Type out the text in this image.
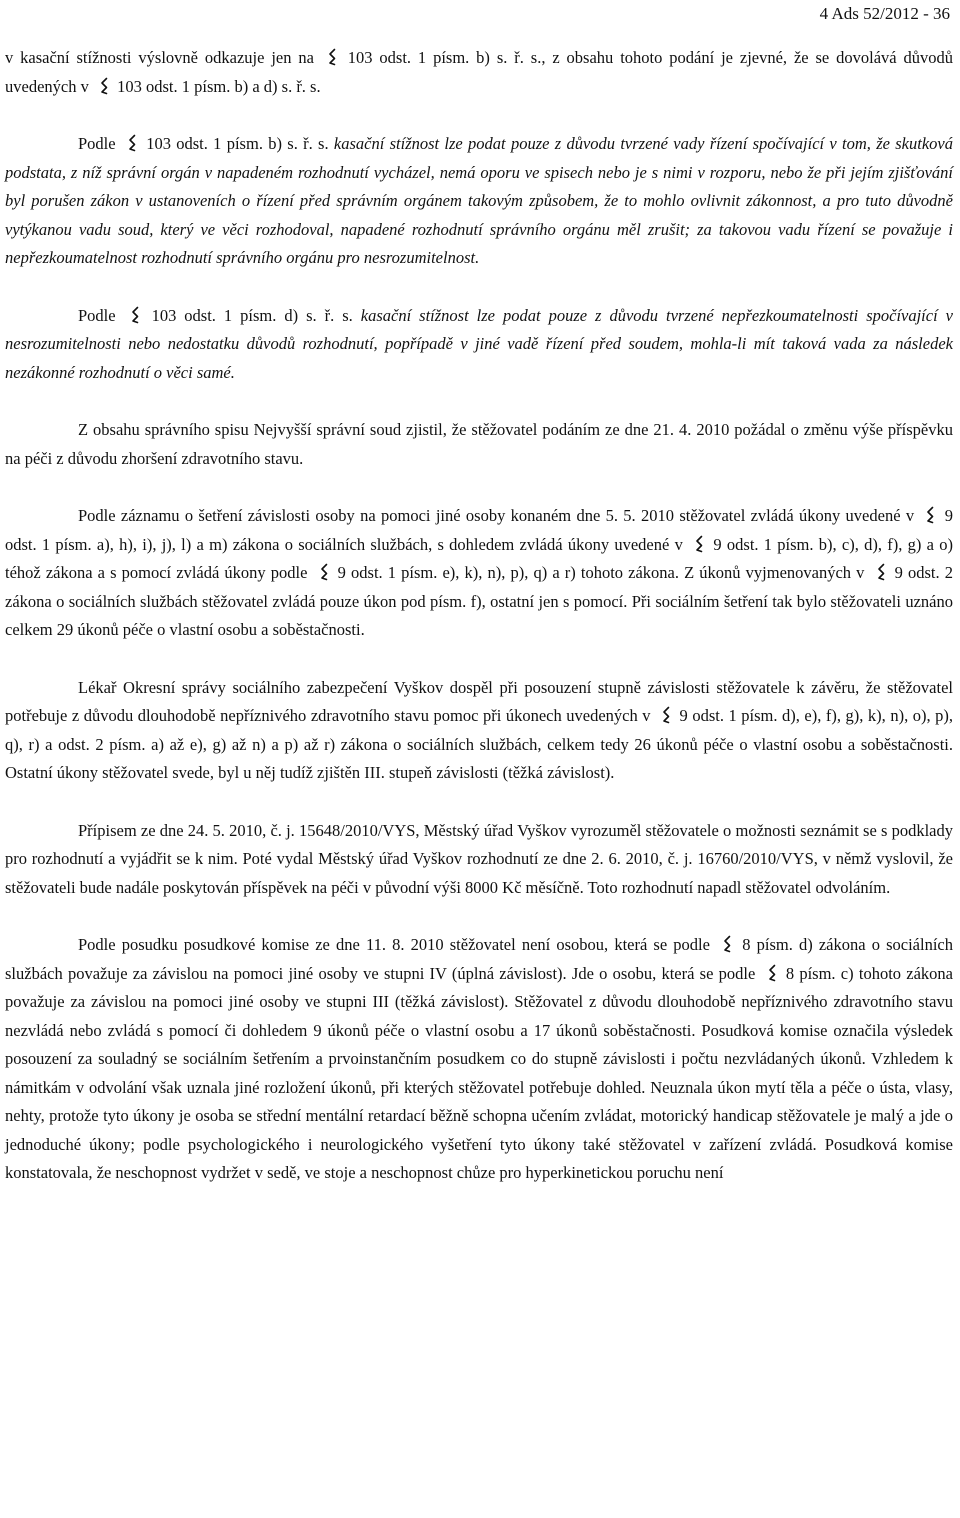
4 Ads 52/2012 - 36

v kasační stížnosti výslovně odkazuje jen na
103 odst. 1 písm. b) s. ř. s., z obsahu tohoto podání je zjevné, že se dovolává důvodů uvedených v
103 odst. 1 písm. b) a d) s. ř. s.

Podle
103 odst. 1 písm. b) s. ř. s. kasační stížnost lze podat pouze z důvodu tvrzené vady řízení spočívající v tom, že skutková podstata, z níž správní orgán v napadeném rozhodnutí vycházel, nemá oporu ve spisech nebo je s nimi v rozporu, nebo že při jejím zjišťování byl porušen zákon v ustanoveních o řízení před správním orgánem takovým způsobem, že to mohlo ovlivnit zákonnost, a pro tuto důvodně vytýkanou vadu soud, který ve věci rozhodoval, napadené rozhodnutí správního orgánu měl zrušit; za takovou vadu řízení se považuje i nepřezkoumatelnost rozhodnutí správního orgánu pro nesrozumitelnost.

Podle
103 odst. 1 písm. d) s. ř. s. kasační stížnost lze podat pouze z důvodu tvrzené nepřezkoumatelnosti spočívající v nesrozumitelnosti nebo nedostatku důvodů rozhodnutí, popřípadě v jiné vadě řízení před soudem, mohla-li mít taková vada za následek nezákonné rozhodnutí o věci samé.

Z obsahu správního spisu Nejvyšší správní soud zjistil, že stěžovatel podáním ze dne 21. 4. 2010 požádal o změnu výše příspěvku na péči z důvodu zhoršení zdravotního stavu.

Podle záznamu o šetření závislosti osoby na pomoci jiné osoby konaném dne 5. 5. 2010 stěžovatel zvládá úkony uvedené v
9 odst. 1 písm. a), h), i), j), l) a m) zákona o sociálních službách, s dohledem zvládá úkony uvedené v
9 odst. 1 písm. b), c), d), f), g) a o) téhož zákona a s pomocí zvládá úkony podle
9 odst. 1 písm. e), k), n), p), q) a r) tohoto zákona. Z úkonů vyjmenovaných v
9 odst. 2 zákona o sociálních službách stěžovatel zvládá pouze úkon pod písm. f), ostatní jen s pomocí. Při sociálním šetření tak bylo stěžovateli uznáno celkem 29 úkonů péče o vlastní osobu a soběstačnosti.

Lékař Okresní správy sociálního zabezpečení Vyškov dospěl při posouzení stupně závislosti stěžovatele k závěru, že stěžovatel potřebuje z důvodu dlouhodobě nepříznivého zdravotního stavu pomoc při úkonech uvedených v
9 odst. 1 písm. d), e), f), g), k), n), o), p), q), r) a odst. 2 písm. a) až e), g) až n) a p) až r) zákona o sociálních službách, celkem tedy 26 úkonů péče o vlastní osobu a soběstačnosti. Ostatní úkony stěžovatel svede, byl u něj tudíž zjištěn III. stupeň závislosti (těžká závislost).

Přípisem ze dne 24. 5. 2010, č. j. 15648/2010/VYS, Městský úřad Vyškov vyrozuměl stěžovatele o možnosti seznámit se s podklady pro rozhodnutí a vyjádřit se k nim. Poté vydal Městský úřad Vyškov rozhodnutí ze dne 2. 6. 2010, č. j. 16760/2010/VYS, v němž vyslovil, že stěžovateli bude nadále poskytován příspěvek na péči v původní výši 8000 Kč měsíčně. Toto rozhodnutí napadl stěžovatel odvoláním.

Podle posudku posudkové komise ze dne 11. 8. 2010 stěžovatel není osobou, která se podle
8 písm. d) zákona o sociálních službách považuje za závislou na pomoci jiné osoby ve stupni IV (úplná závislost). Jde o osobu, která se podle
8 písm. c) tohoto zákona považuje za závislou na pomoci jiné osoby ve stupni III (těžká závislost). Stěžovatel z důvodu dlouhodobě nepříznivého zdravotního stavu nezvládá nebo zvládá s pomocí či dohledem 9 úkonů péče o vlastní osobu a 17 úkonů soběstačnosti. Posudková komise označila výsledek posouzení za souladný se sociálním šetřením a prvoinstančním posudkem co do stupně závislosti i počtu nezvládaných úkonů. Vzhledem k námitkám v odvolání však uznala jiné rozložení úkonů, při kterých stěžovatel potřebuje dohled. Neuznala úkon mytí těla a péče o ústa, vlasy, nehty, protože tyto úkony je osoba se střední mentální retardací běžně schopna učením zvládat, motorický handicap stěžovatele je malý a jde o jednoduché úkony; podle psychologického i neurologického vyšetření tyto úkony také stěžovatel v zařízení zvládá. Posudková komise konstatovala, že neschopnost vydržet v sedě, ve stoje a neschopnost chůze pro hyperkinetickou poruchu není
